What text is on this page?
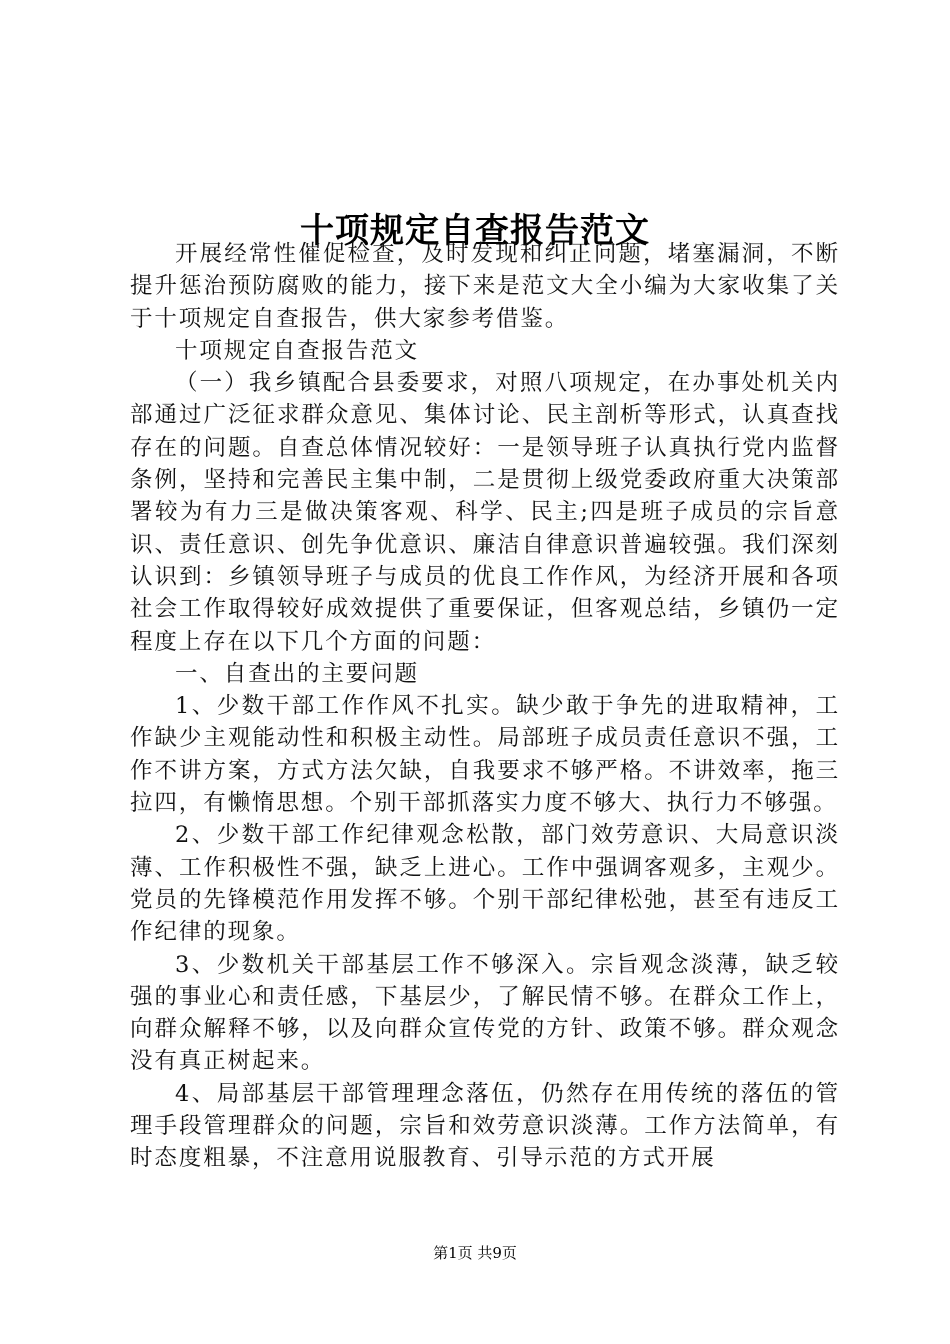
十项规定自查报告范文

开展经常性催促检查，及时发现和纠正问题，堵塞漏洞，不断提升惩治预防腐败的能力，接下来是范文大全小编为大家收集了关于十项规定自查报告，供大家参考借鉴。

十项规定自查报告范文

（一）我乡镇配合县委要求，对照八项规定，在办事处机关内部通过广泛征求群众意见、集体讨论、民主剖析等形式，认真查找存在的问题。自查总体情况较好：一是领导班子认真执行党内监督条例，坚持和完善民主集中制，二是贯彻上级党委政府重大决策部署较为有力三是做决策客观、科学、民主;四是班子成员的宗旨意识、责任意识、创先争优意识、廉洁自律意识普遍较强。我们深刻认识到：乡镇领导班子与成员的优良工作作风，为经济开展和各项社会工作取得较好成效提供了重要保证，但客观总结，乡镇仍一定程度上存在以下几个方面的问题：

一、自查出的主要问题

1、少数干部工作作风不扎实。缺少敢于争先的进取精神，工作缺少主观能动性和积极主动性。局部班子成员责任意识不强，工作不讲方案，方式方法欠缺，自我要求不够严格。不讲效率，拖三拉四，有懒惰思想。个别干部抓落实力度不够大、执行力不够强。

2、少数干部工作纪律观念松散，部门效劳意识、大局意识淡薄、工作积极性不强，缺乏上进心。工作中强调客观多，主观少。党员的先锋模范作用发挥不够。个别干部纪律松弛，甚至有违反工作纪律的现象。

3、少数机关干部基层工作不够深入。宗旨观念淡薄，缺乏较强的事业心和责任感，下基层少，了解民情不够。在群众工作上，向群众解释不够，以及向群众宣传党的方针、政策不够。群众观念没有真正树起来。

4、局部基层干部管理理念落伍，仍然存在用传统的落伍的管理手段管理群众的问题，宗旨和效劳意识淡薄。工作方法简单，有时态度粗暴，不注意用说服教育、引导示范的方式开展

第1页 共9页
